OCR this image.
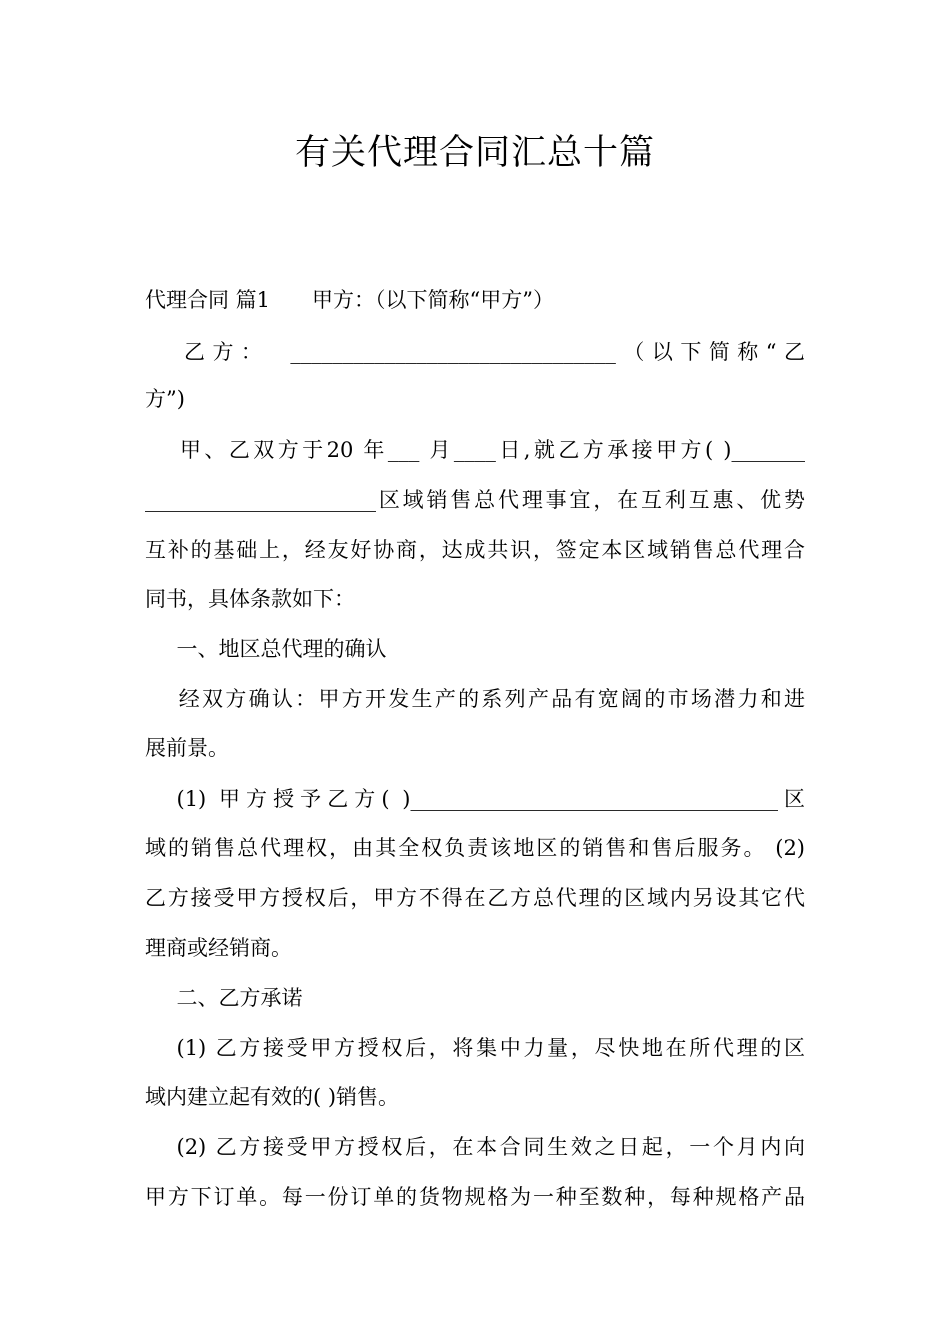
有关代理合同汇总十篇
代理合同 篇1  甲方：（以下简称“甲方”）
  乙方： _______________________________（以下简称“乙
方”)
  甲、乙双方于20 年___ 月____日,就乙方承接甲方( )_______
______________________区域销售总代理事宜，在互利互惠、优势
互补的基础上，经友好协商，达成共识，签定本区域销售总代理合
同书，具体条款如下：
  一、地区总代理的确认
  经双方确认：甲方开发生产的系列产品有宽阔的市场潜力和进
展前景。
  (1) 甲方授予乙方( )___________________________________区
域的销售总代理权，由其全权负责该地区的销售和售后服务。 (2)
乙方接受甲方授权后，甲方不得在乙方总代理的区域内另设其它代
理商或经销商。
  二、乙方承诺
  (1) 乙方接受甲方授权后，将集中力量，尽快地在所代理的区
域内建立起有效的( )销售。
  (2) 乙方接受甲方授权后，在本合同生效之日起，一个月内向
甲方下订单。每一份订单的货物规格为一种至数种，每种规格产品
